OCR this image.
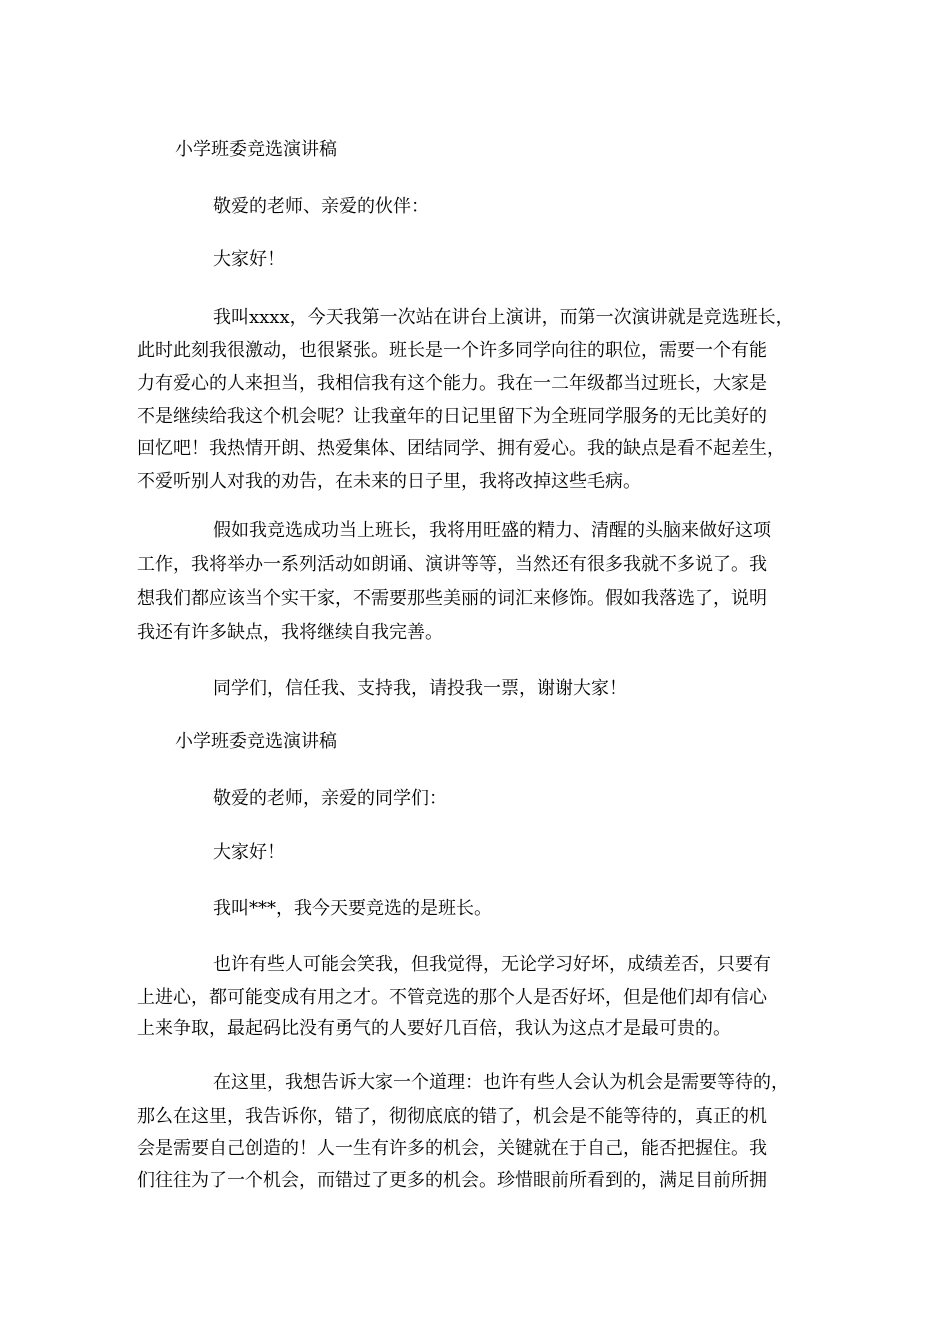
小学班委竞选演讲稿
敬爱的老师、亲爱的伙伴：
大家好！
我叫xxxx，今天我第一次站在讲台上演讲，而第一次演讲就是竞选班长，
此时此刻我很激动，也很紧张。班长是一个许多同学向往的职位，需要一个有能
力有爱心的人来担当，我相信我有这个能力。我在一二年级都当过班长，大家是
不是继续给我这个机会呢？让我童年的日记里留下为全班同学服务的无比美好的
回忆吧！我热情开朗、热爱集体、团结同学、拥有爱心。我的缺点是看不起差生，
不爱听别人对我的劝告，在未来的日子里，我将改掉这些毛病。
假如我竞选成功当上班长，我将用旺盛的精力、清醒的头脑来做好这项
工作，我将举办一系列活动如朗诵、演讲等等，当然还有很多我就不多说了。我
想我们都应该当个实干家，不需要那些美丽的词汇来修饰。假如我落选了，说明
我还有许多缺点，我将继续自我完善。
同学们，信任我、支持我，请投我一票，谢谢大家！
小学班委竞选演讲稿
敬爱的老师，亲爱的同学们：
大家好！
我叫***，我今天要竞选的是班长。
也许有些人可能会笑我，但我觉得，无论学习好坏，成绩差否，只要有
上进心，都可能变成有用之才。不管竞选的那个人是否好坏，但是他们却有信心
上来争取，最起码比没有勇气的人要好几百倍，我认为这点才是最可贵的。
在这里，我想告诉大家一个道理：也许有些人会认为机会是需要等待的，
那么在这里，我告诉你，错了，彻彻底底的错了，机会是不能等待的，真正的机
会是需要自己创造的！人一生有许多的机会，关键就在于自己，能否把握住。我
们往往为了一个机会，而错过了更多的机会。珍惜眼前所看到的，满足目前所拥
